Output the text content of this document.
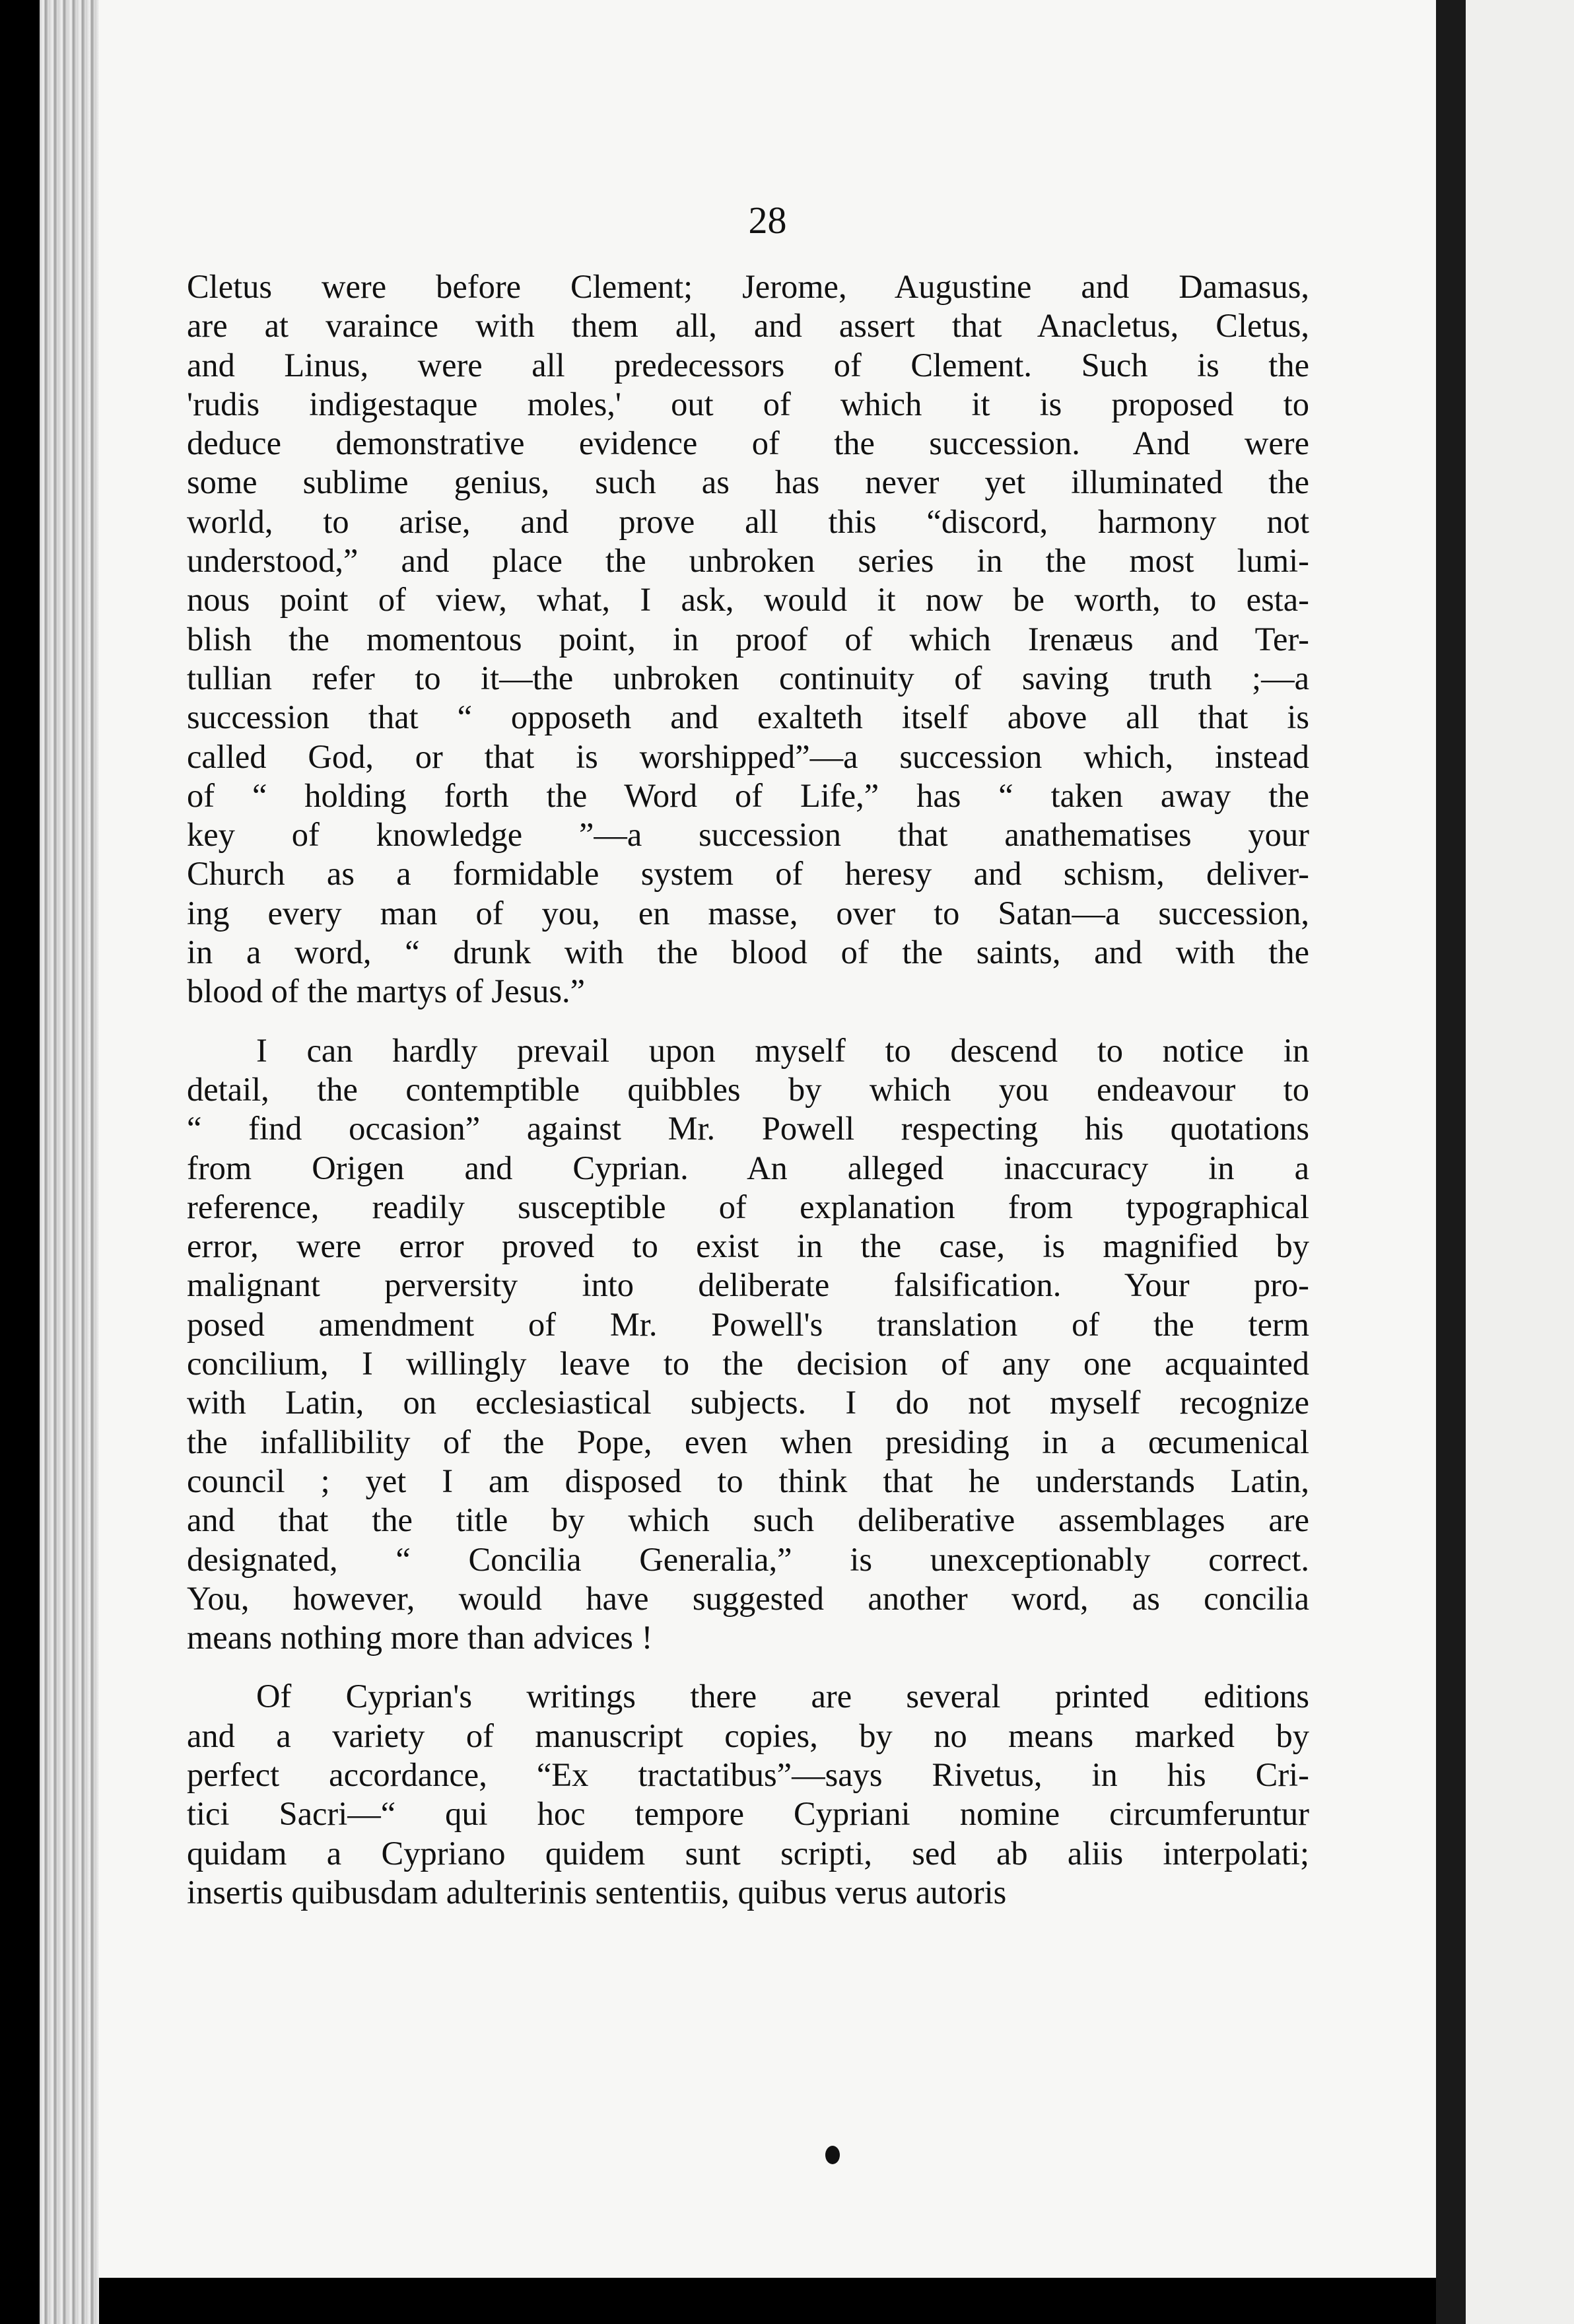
28

Cletus were before Clement; Jerome, Augustine and Damasus,
are at varaince with them all, and assert that Anacletus, Cletus,
and Linus, were all predecessors of Clement. Such is the
'rudis indigestaque moles,' out of which it is proposed to
deduce demonstrative evidence of the succession. And were
some sublime genius, such as has never yet illuminated the
world, to arise, and prove all this “discord, harmony not
understood,” and place the unbroken series in the most lumi-
nous point of view, what, I ask, would it now be worth, to esta-
blish the momentous point, in proof of which Irenæus and Ter-
tullian refer to it—the unbroken continuity of saving truth ;—a
succession that “ opposeth and exalteth itself above all that is
called God, or that is worshipped”—a succession which, instead
of “ holding forth the Word of Life,” has “ taken away the
key of knowledge ”—a succession that anathematises your
Church as a formidable system of heresy and schism, deliver-
ing every man of you, en masse, over to Satan—a succession,
in a word, “ drunk with the blood of the saints, and with the
blood of the martys of Jesus.”

I can hardly prevail upon myself to descend to notice in
detail, the contemptible quibbles by which you endeavour to
“ find occasion” against Mr. Powell respecting his quotations
from Origen and Cyprian. An alleged inaccuracy in a
reference, readily susceptible of explanation from typographical
error, were error proved to exist in the case, is magnified by
malignant perversity into deliberate falsification. Your pro-
posed amendment of Mr. Powell's translation of the term
concilium, I willingly leave to the decision of any one acquainted
with Latin, on ecclesiastical subjects. I do not myself recognize
the infallibility of the Pope, even when presiding in a œcumenical
council ; yet I am disposed to think that he understands Latin,
and that the title by which such deliberative assemblages are
designated, “ Concilia Generalia,” is unexceptionably correct.
You, however, would have suggested another word, as concilia
means nothing more than advices !

Of Cyprian's writings there are several printed editions
and a variety of manuscript copies, by no means marked by
perfect accordance, “Ex tractatibus”—says Rivetus, in his Cri-
tici Sacri—“ qui hoc tempore Cypriani nomine circumferuntur
quidam a Cypriano quidem sunt scripti, sed ab aliis interpolati;
insertis quibusdam adulterinis sententiis, quibus verus autoris
